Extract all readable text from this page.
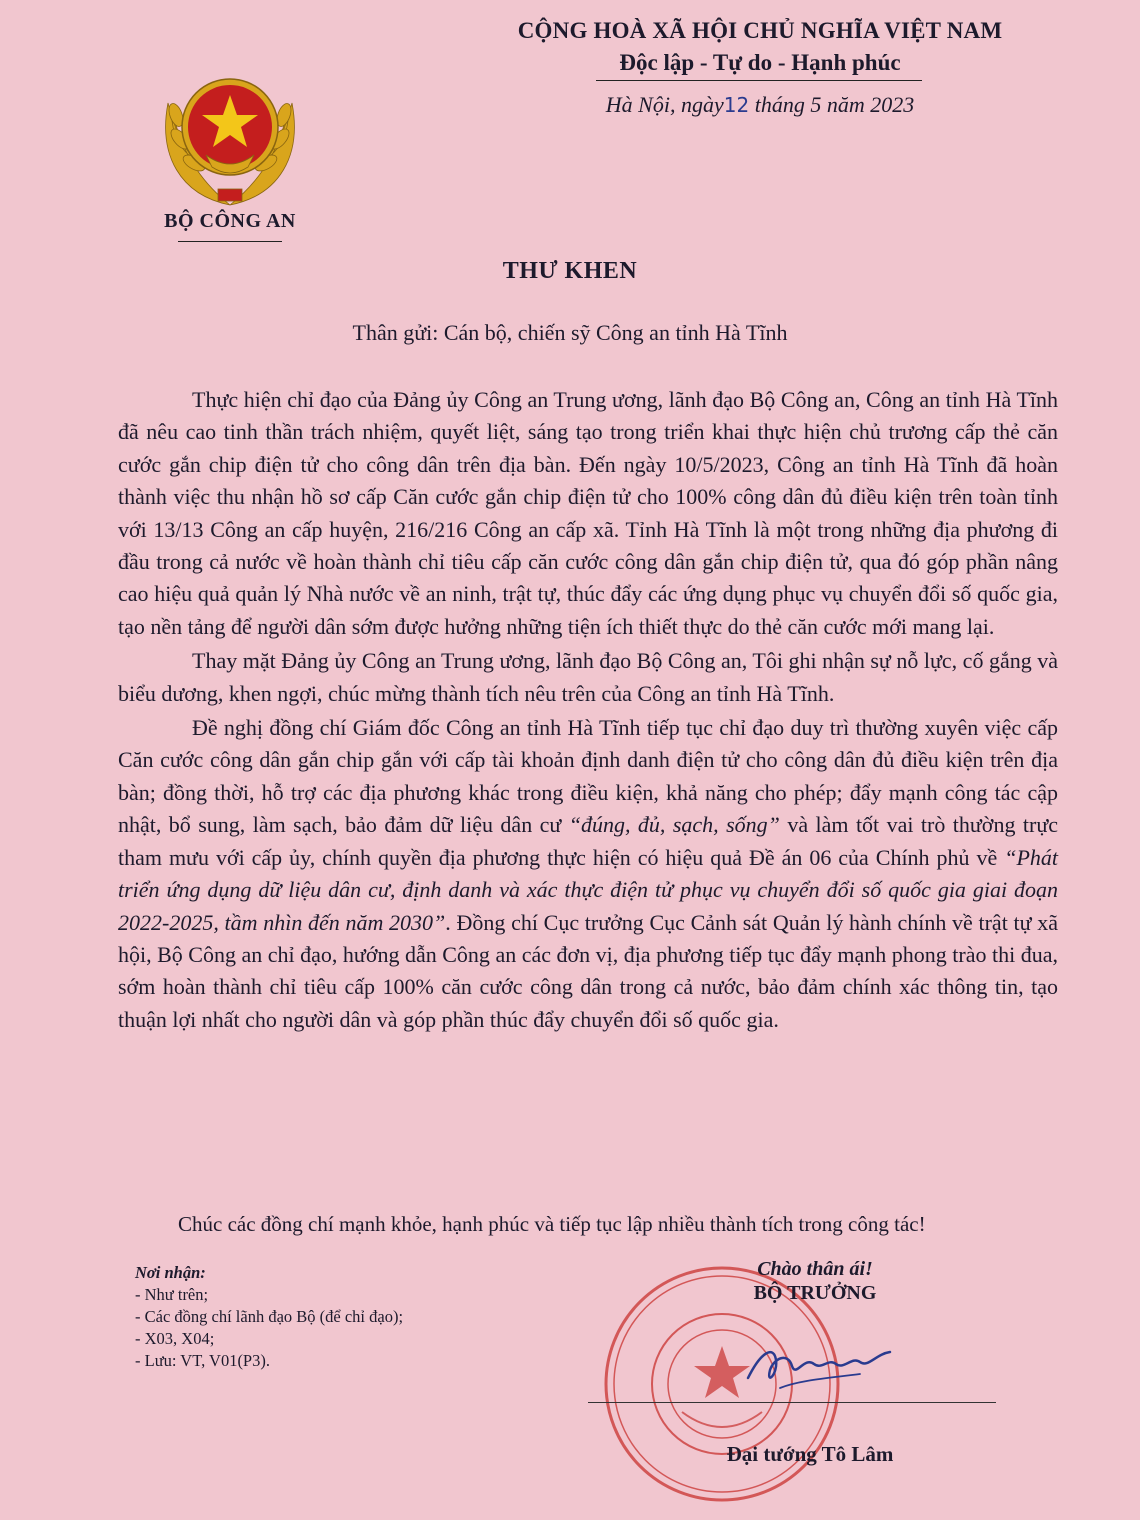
BỘ CÔNG AN
CỘNG HOÀ XÃ HỘI CHỦ NGHĨA VIỆT NAM
Độc lập - Tự do - Hạnh phúc
Hà Nội, ngày12 tháng 5 năm 2023
THƯ KHEN
Thân gửi: Cán bộ, chiến sỹ Công an tỉnh Hà Tĩnh

Thực hiện chỉ đạo của Đảng ủy Công an Trung ương, lãnh đạo Bộ Công an, Công an tỉnh Hà Tĩnh đã nêu cao tinh thần trách nhiệm, quyết liệt, sáng tạo trong triển khai thực hiện chủ trương cấp thẻ căn cước gắn chip điện tử cho công dân trên địa bàn. Đến ngày 10/5/2023, Công an tỉnh Hà Tĩnh đã hoàn thành việc thu nhận hồ sơ cấp Căn cước gắn chip điện tử cho 100% công dân đủ điều kiện trên toàn tỉnh với 13/13 Công an cấp huyện, 216/216 Công an cấp xã. Tỉnh Hà Tĩnh là một trong những địa phương đi đầu trong cả nước về hoàn thành chỉ tiêu cấp căn cước công dân gắn chip điện tử, qua đó góp phần nâng cao hiệu quả quản lý Nhà nước về an ninh, trật tự, thúc đẩy các ứng dụng phục vụ chuyển đổi số quốc gia, tạo nền tảng để người dân sớm được hưởng những tiện ích thiết thực do thẻ căn cước mới mang lại.

Thay mặt Đảng ủy Công an Trung ương, lãnh đạo Bộ Công an, Tôi ghi nhận sự nỗ lực, cố gắng và biểu dương, khen ngợi, chúc mừng thành tích nêu trên của Công an tỉnh Hà Tĩnh.

Đề nghị đồng chí Giám đốc Công an tỉnh Hà Tĩnh tiếp tục chỉ đạo duy trì thường xuyên việc cấp Căn cước công dân gắn chip gắn với cấp tài khoản định danh điện tử cho công dân đủ điều kiện trên địa bàn; đồng thời, hỗ trợ các địa phương khác trong điều kiện, khả năng cho phép; đẩy mạnh công tác cập nhật, bổ sung, làm sạch, bảo đảm dữ liệu dân cư “đúng, đủ, sạch, sống” và làm tốt vai trò thường trực tham mưu với cấp ủy, chính quyền địa phương thực hiện có hiệu quả Đề án 06 của Chính phủ về “Phát triển ứng dụng dữ liệu dân cư, định danh và xác thực điện tử phục vụ chuyển đổi số quốc gia giai đoạn 2022-2025, tầm nhìn đến năm 2030”. Đồng chí Cục trưởng Cục Cảnh sát Quản lý hành chính về trật tự xã hội, Bộ Công an chỉ đạo, hướng dẫn Công an các đơn vị, địa phương tiếp tục đẩy mạnh phong trào thi đua, sớm hoàn thành chỉ tiêu cấp 100% căn cước công dân trong cả nước, bảo đảm chính xác thông tin, tạo thuận lợi nhất cho người dân và góp phần thúc đẩy chuyển đổi số quốc gia.

Chúc các đồng chí mạnh khỏe, hạnh phúc và tiếp tục lập nhiều thành tích trong công tác!
Nơi nhận:
- Như trên;
- Các đồng chí lãnh đạo Bộ (để chỉ đạo);
- X03, X04;
- Lưu: VT, V01(P3).
Chào thân ái!
BỘ TRƯỞNG
Đại tướng Tô Lâm
